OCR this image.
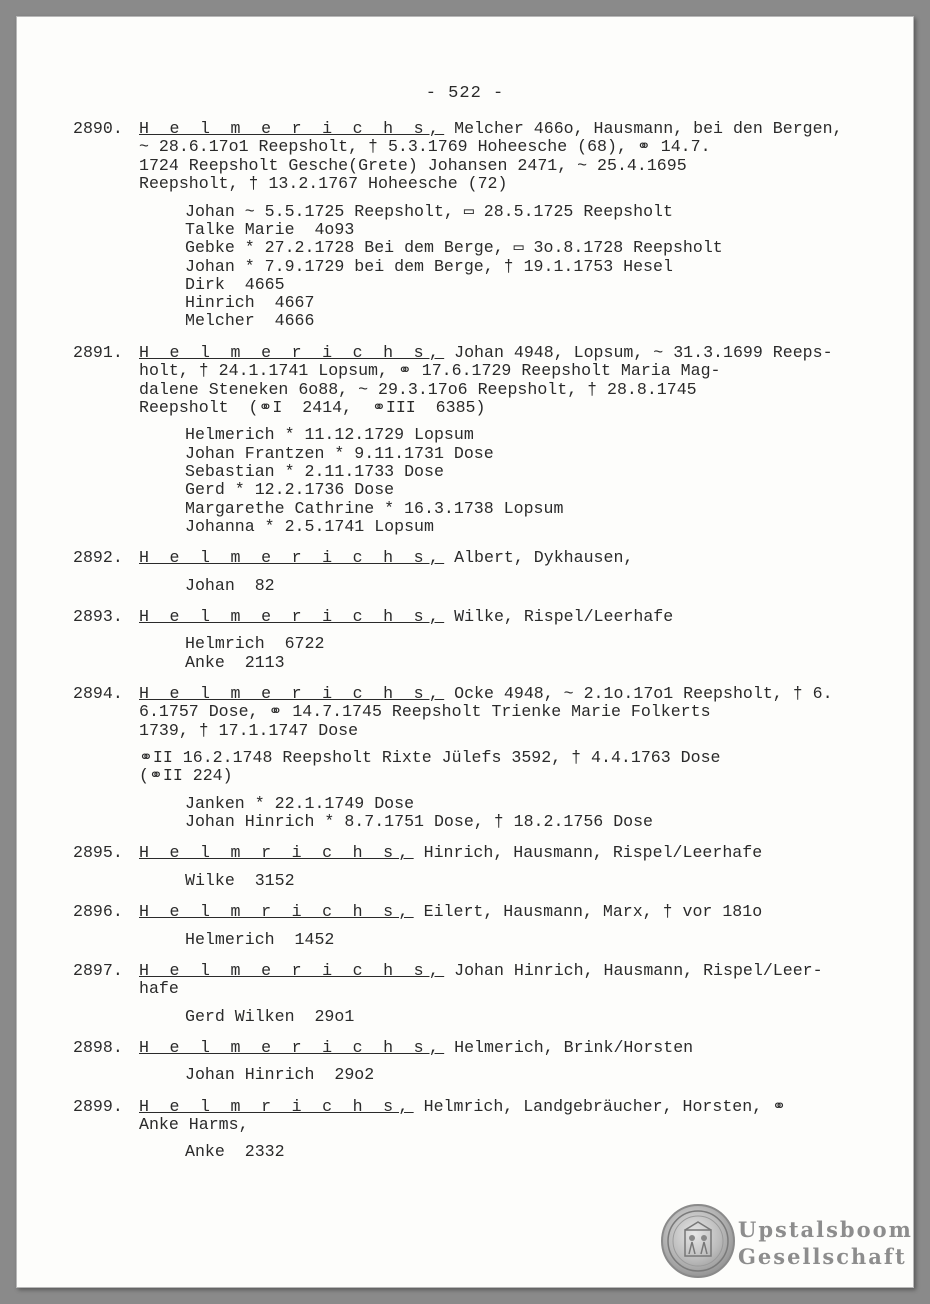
- 522 -
2890. H e l m e r i c h s, Melcher 466o, Hausmann, bei den Bergen,
~ 28.6.17o1 Reepsholt, † 5.3.1769 Hoheesche (68), ⚭ 14.7.
1724 Reepsholt Gesche(Grete) Johansen 2471, ~ 25.4.1695
Reepsholt, † 13.2.1767 Hoheesche (72)
Johan ~ 5.5.1725 Reepsholt, ▭ 28.5.1725 Reepsholt
Talke Marie  4o93
Gebke * 27.2.1728 Bei dem Berge, ▭ 3o.8.1728 Reepsholt
Johan * 7.9.1729 bei dem Berge, † 19.1.1753 Hesel
Dirk  4665
Hinrich  4667
Melcher  4666
2891. H e l m e r i c h s, Johan 4948, Lopsum, ~ 31.3.1699 Reeps-
holt, † 24.1.1741 Lopsum, ⚭ 17.6.1729 Reepsholt Maria Mag-
dalene Steneken 6o88, ~ 29.3.17o6 Reepsholt, † 28.8.1745
Reepsholt  (⚭I  2414,  ⚭III  6385)
Helmerich * 11.12.1729 Lopsum
Johan Frantzen * 9.11.1731 Dose
Sebastian * 2.11.1733 Dose
Gerd * 12.2.1736 Dose
Margarethe Cathrine * 16.3.1738 Lopsum
Johanna * 2.5.1741 Lopsum
2892. H e l m e r i c h s, Albert, Dykhausen,
Johan  82
2893. H e l m e r i c h s, Wilke, Rispel/Leerhafe
Helmrich  6722
Anke  2113
2894. H e l m e r i c h s, Ocke 4948, ~ 2.1o.17o1 Reepsholt, † 6.
6.1757 Dose, ⚭ 14.7.1745 Reepsholt Trienke Marie Folkerts
1739, † 17.1.1747 Dose
⚭II 16.2.1748 Reepsholt Rixte Jülefs 3592, † 4.4.1763 Dose
(⚭II 224)
Janken * 22.1.1749 Dose
Johan Hinrich * 8.7.1751 Dose, † 18.2.1756 Dose
2895. H e l m r i c h s, Hinrich, Hausmann, Rispel/Leerhafe
Wilke  3152
2896. H e l m r i c h s, Eilert, Hausmann, Marx, † vor 181o
Helmerich  1452
2897. H e l m e r i c h s, Johan Hinrich, Hausmann, Rispel/Leer-
hafe
Gerd Wilken  29o1
2898. H e l m e r i c h s, Helmerich, Brink/Horsten
Johan Hinrich  29o2
2899. H e l m r i c h s, Helmrich, Landgebräucher, Horsten, ⚭
Anke Harms,
Anke  2332
Upstalsboom
Gesellschaft
